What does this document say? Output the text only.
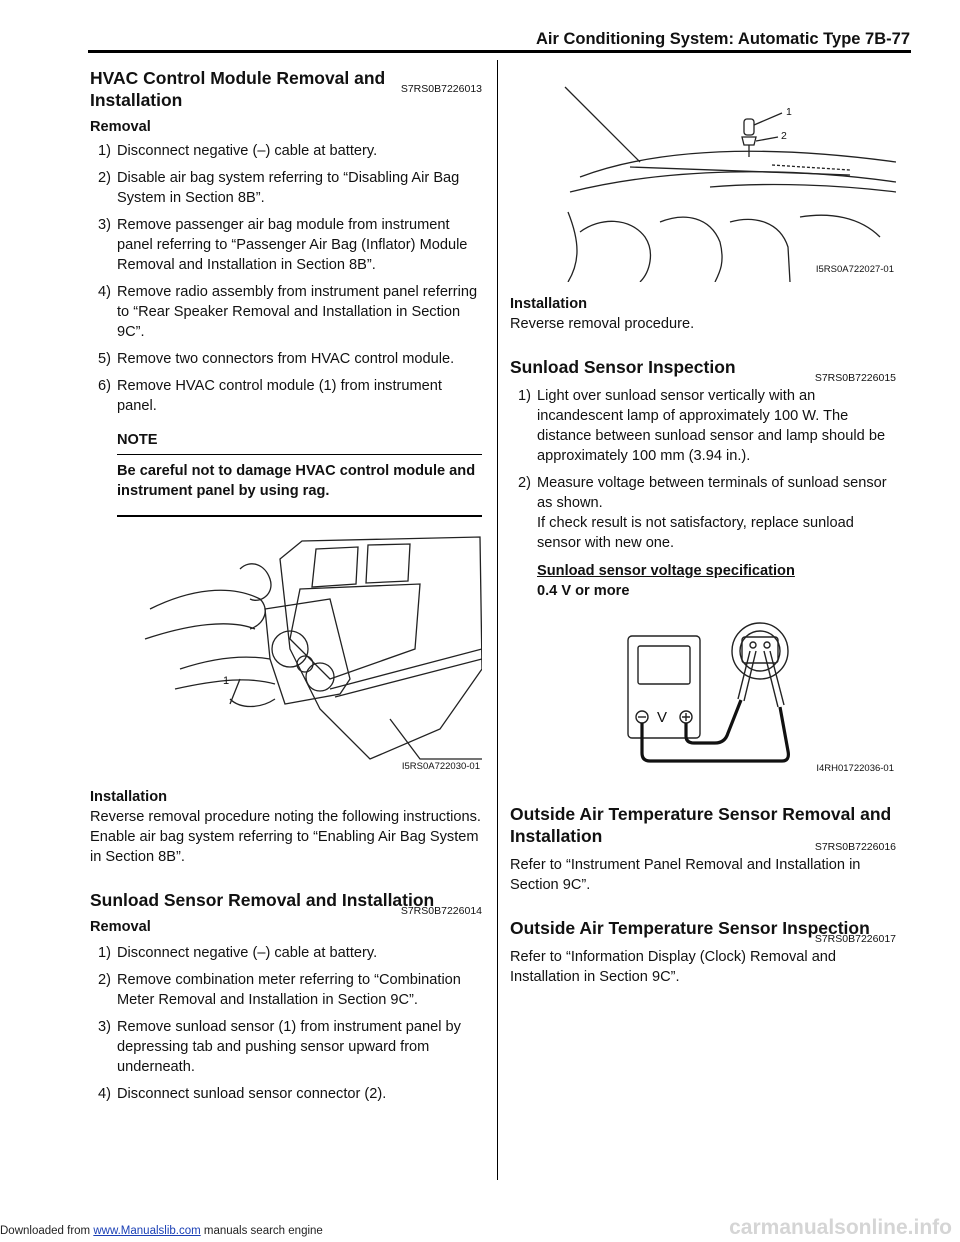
Air Conditioning System: Automatic Type 7B-77
HVAC Control Module Removal and Installation
S7RS0B7226013

Removal

1) Disconnect negative (–) cable at battery.
2) Disable air bag system referring to “Disabling Air Bag System in Section 8B”.
3) Remove passenger air bag module from instrument panel referring to “Passenger Air Bag (Inflator) Module Removal and Installation in Section 8B”.
4) Remove radio assembly from instrument panel referring to “Rear Speaker Removal and Installation in Section 9C”.
5) Remove two connectors from HVAC control module.
6) Remove HVAC control module (1) from instrument panel.
NOTE
Be careful not to damage HVAC control module and instrument panel by using rag.
1
I5RS0A722030-01

Installation

Reverse removal procedure noting the following instructions.

Enable air bag system referring to “Enabling Air Bag System in Section 8B”.

Sunload Sensor Removal and Installation
S7RS0B7226014

Removal

1) Disconnect negative (–) cable at battery.
2) Remove combination meter referring to “Combination Meter Removal and Installation in Section 9C”.
3) Remove sunload sensor (1) from instrument panel by depressing tab and pushing sensor upward from underneath.
4) Disconnect sunload sensor connector (2).
1
2
I5RS0A722027-01

Installation

Reverse removal procedure.

Sunload Sensor Inspection
S7RS0B7226015
1) Light over sunload sensor vertically with an incandescent lamp of approximately 100 W. The distance between sunload sensor and lamp should be approximately 100 mm (3.94 in.).
2) Measure voltage between terminals of sunload sensor as shown.
If check result is not satisfactory, replace sunload sensor with new one.
Sunload sensor voltage specification
0.4 V or more
V
I4RH01722036-01
Outside Air Temperature Sensor Removal and
Installation
S7RS0B7226016

Refer to “Instrument Panel Removal and Installation in Section 9C”.

Outside Air Temperature Sensor Inspection
S7RS0B7226017

Refer to “Information Display (Clock) Removal and Installation in Section 9C”.

Downloaded from www.Manualslib.com manuals search engine	carmanualsonline.info
